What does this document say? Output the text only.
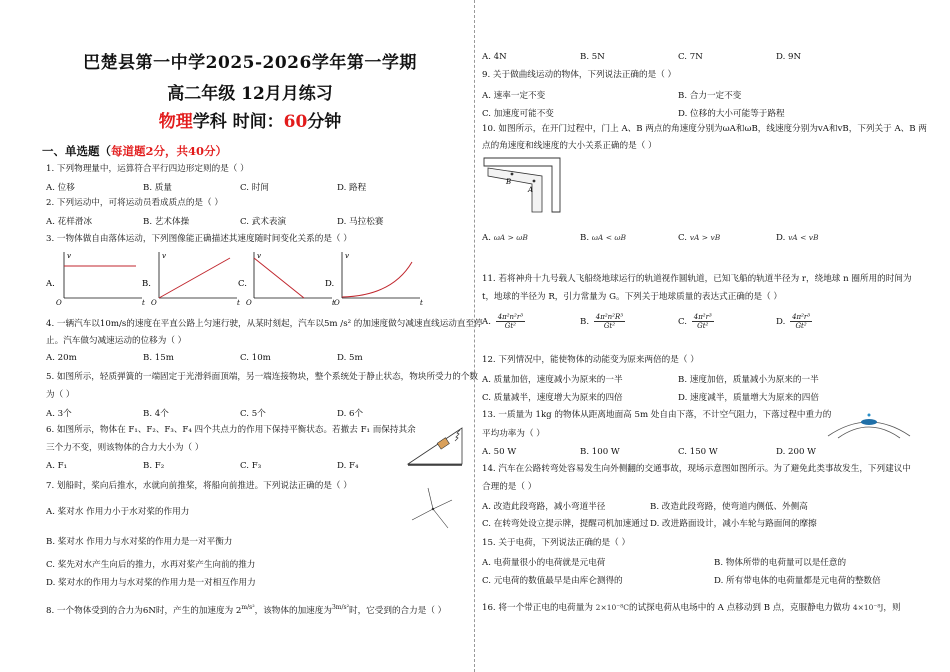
巴楚县第一中学2025-2026学年第一学期
高二年级 12月月练习
物理学科 时间：60分钟
一、单选题（每道题2分，共40分）
1. 下列物理量中，运算符合平行四边形定则的是（ ）
A. 位移	B. 质量	C. 时间	D. 路程
2. 下列运动中，可将运动员看成质点的是（ ）
A. 花样滑冰	B. 艺术体操	C. 武术表演	D. 马拉松赛
3. 一物体做自由落体运动，下列图像能正确描述其速度随时间变化关系的是（ ）
A.
v
t
O
B.
v
t
O
C.
v
t
O
D.
v
t
O
4. 一辆汽车以10m/s的速度在平直公路上匀速行驶，从某时刻起，汽车以5m /s² 的加速度做匀减速直线运动直至停
止。汽车做匀减速运动的位移为（ ）
A. 20m	B. 15m	C. 10m	D. 5m
5. 如图所示，轻质弹簧的一端固定于光滑斜面顶端，另一端连接物块，整个系统处于静止状态，物块所受力的个数
为（ ）
A. 3个	B. 4个	C. 5个	D. 6个
6. 如图所示，物体在 F₁、F₂、F₃、F₄ 四个共点力的作用下保持平衡状态。若撤去 F₁ 而保持其余
三个力不变，则该物体的合力大小为（ ）
A. F₁	B. F₂	C. F₃	D. F₄
7. 划船时，桨向后推水，水就向前推桨，将船向前推进。下列说法正确的是（ ）
A. 桨对水 作用力小于水对桨的作用力
B. 桨对水 作用力与水对桨的作用力是一对平衡力
C. 桨先对水产生向后的推力，水再对桨产生向前的推力
D. 桨对水的作用力与水对桨的作用力是一对相互作用力
8. 一个物体受到的合力为6N时，产生的加速度为 $2^{m/s^2}$，该物体的加速度为$^{3m/s^2}$时，它受到的合力是（ ）
A. 4N	B. 5N	C. 7N	D. 9N
9. 关于做曲线运动的物体，下列说法正确的是（ ）
A. 速率一定不变	B. 合力一定不变
C. 加速度可能不变	D. 位移的大小可能等于路程
10. 如图所示，在开门过程中，门上 A、B 两点的角速度分别为ωA和ωB，线速度分别为vA和vB，下列关于 A、B 两
点的角速度和线速度的大小关系正确的是（ ）
B
A
A. ωA > ωB	B. ωA < ωB	C. vA > vB	D. vA < vB
11. 若将神舟十九号载人飞船绕地球运行的轨道视作圆轨道，已知飞船的轨道半径为 r，绕地球 n 圈所用的时间为
t，地球的半径为 R，引力常量为 G。下列关于地球质量的表达式正确的是（ ）
A. $\frac{\text{4π²n²r³}}{\text{Gt²}}$	B. $\frac{\text{4π²n²R³}}{\text{Gt²}}$	C. $\frac{\text{4π²r³}}{\text{Gt²}}$	D. $\frac{\text{4π²r³}}{\text{Gt²}}$
12. 下列情况中，能使物体的动能变为原来两倍的是（ ）
A. 质量加倍，速度减小为原来的一半	B. 速度加倍，质量减小为原来的一半
C. 质量减半，速度增大为原来的四倍	D. 速度减半，质量增大为原来的四倍
13. 一质量为 1kg 的物体从距离地面高 5m 处自由下落，不计空气阻力，下落过程中重力的
平均功率为（ ）
A. 50 W	B. 100 W	C. 150 W	D. 200 W
14. 汽车在公路转弯处容易发生向外侧翻的交通事故，现场示意图如图所示。为了避免此类事故发生，下列建议中
合理的是（ ）
A. 改造此段弯路，减小弯道半径	B. 改造此段弯路，使弯道内侧低、外侧高
C. 在转弯处设立提示牌，提醒司机加速通过 D. 改进路面设计，减小车轮与路面间的摩擦
15. 关于电荷，下列说法正确的是（ ）
A. 电荷量很小的电荷就是元电荷	B. 物体所带的电荷量可以是任意的
C. 元电荷的数值最早是由库仑测得的	D. 所有带电体的电荷量都是元电荷的整数倍
16. 将一个带正电的电荷量为 2×10⁻⁸C的试探电荷从电场中的 A 点移动到 B 点，克服静电力做功 4×10⁻⁸J，则
